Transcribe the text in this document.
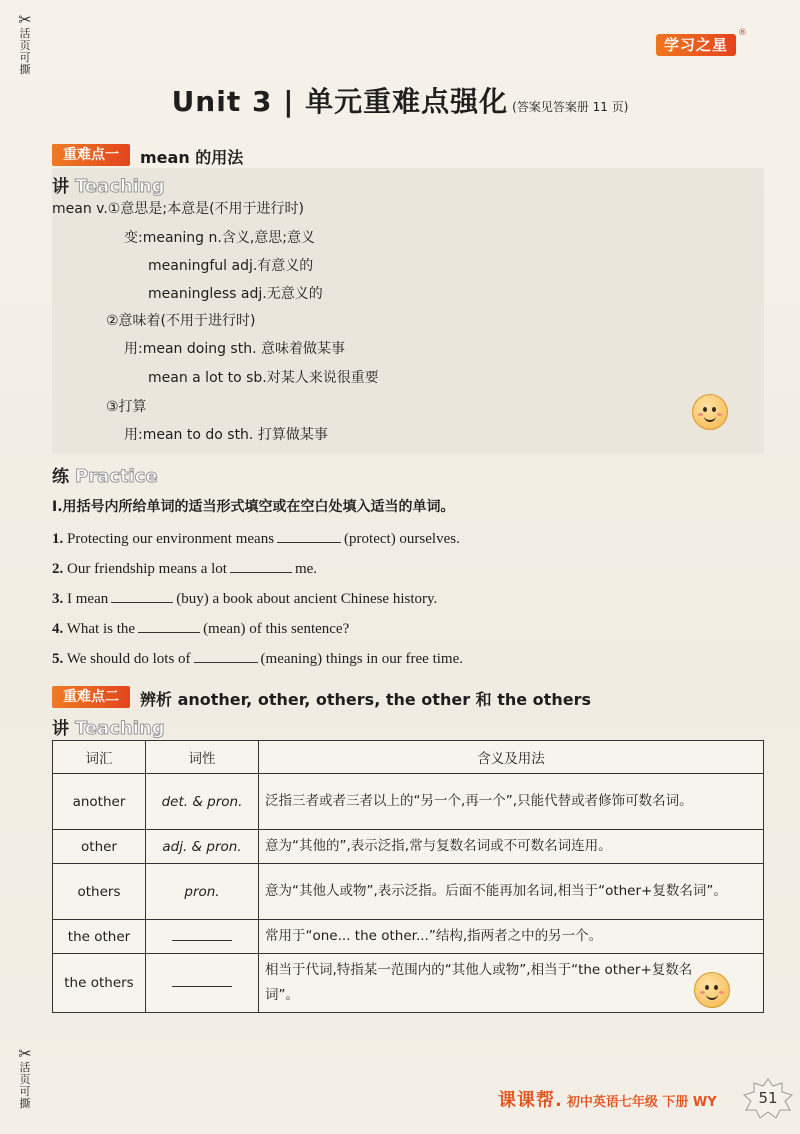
✂
活
页
可
撕
✂
活
页
可
撕
学习之星
®
Unit 3 | 单元重难点强化 (答案见答案册 11 页)
重难点一	mean 的用法
讲 Teaching
mean v.①意思是;本意是(不用于进行时)
变:meaning n.含义,意思;意义
meaningful adj.有意义的
meaningless adj.无意义的
②意味着(不用于进行时)
用:mean doing sth. 意味着做某事
mean a lot to sb.对某人来说很重要
③打算
用:mean to do sth. 打算做某事
练 Practice
Ⅰ.用括号内所给单词的适当形式填空或在空白处填入适当的单词。
1. Protecting our environment means	(protect) ourselves.
2. Our friendship means a lot	me.
3. I mean	(buy) a book about ancient Chinese history.
4. What is the	(mean) of this sentence?
5. We should do lots of	(meaning) things in our free time.
重难点二	辨析 another, other, others, the other 和 the others
讲 Teaching
词汇	词性	含义及用法
another	det. & pron.	泛指三者或者三者以上的“另一个,再一个”,只能代替或者修饰可数名词。
other	adj. & pron.	意为“其他的”,表示泛指,常与复数名词或不可数名词连用。
others	pron.	意为“其他人或物”,表示泛指。后面不能再加名词,相当于“other+复数名词”。
the other		常用于“one... the other...”结构,指两者之中的另一个。
the others		相当于代词,特指某一范围内的“其他人或物”,相当于“the other+复数名词”。
课课帮. 初中英语七年级 下册 WY	51
